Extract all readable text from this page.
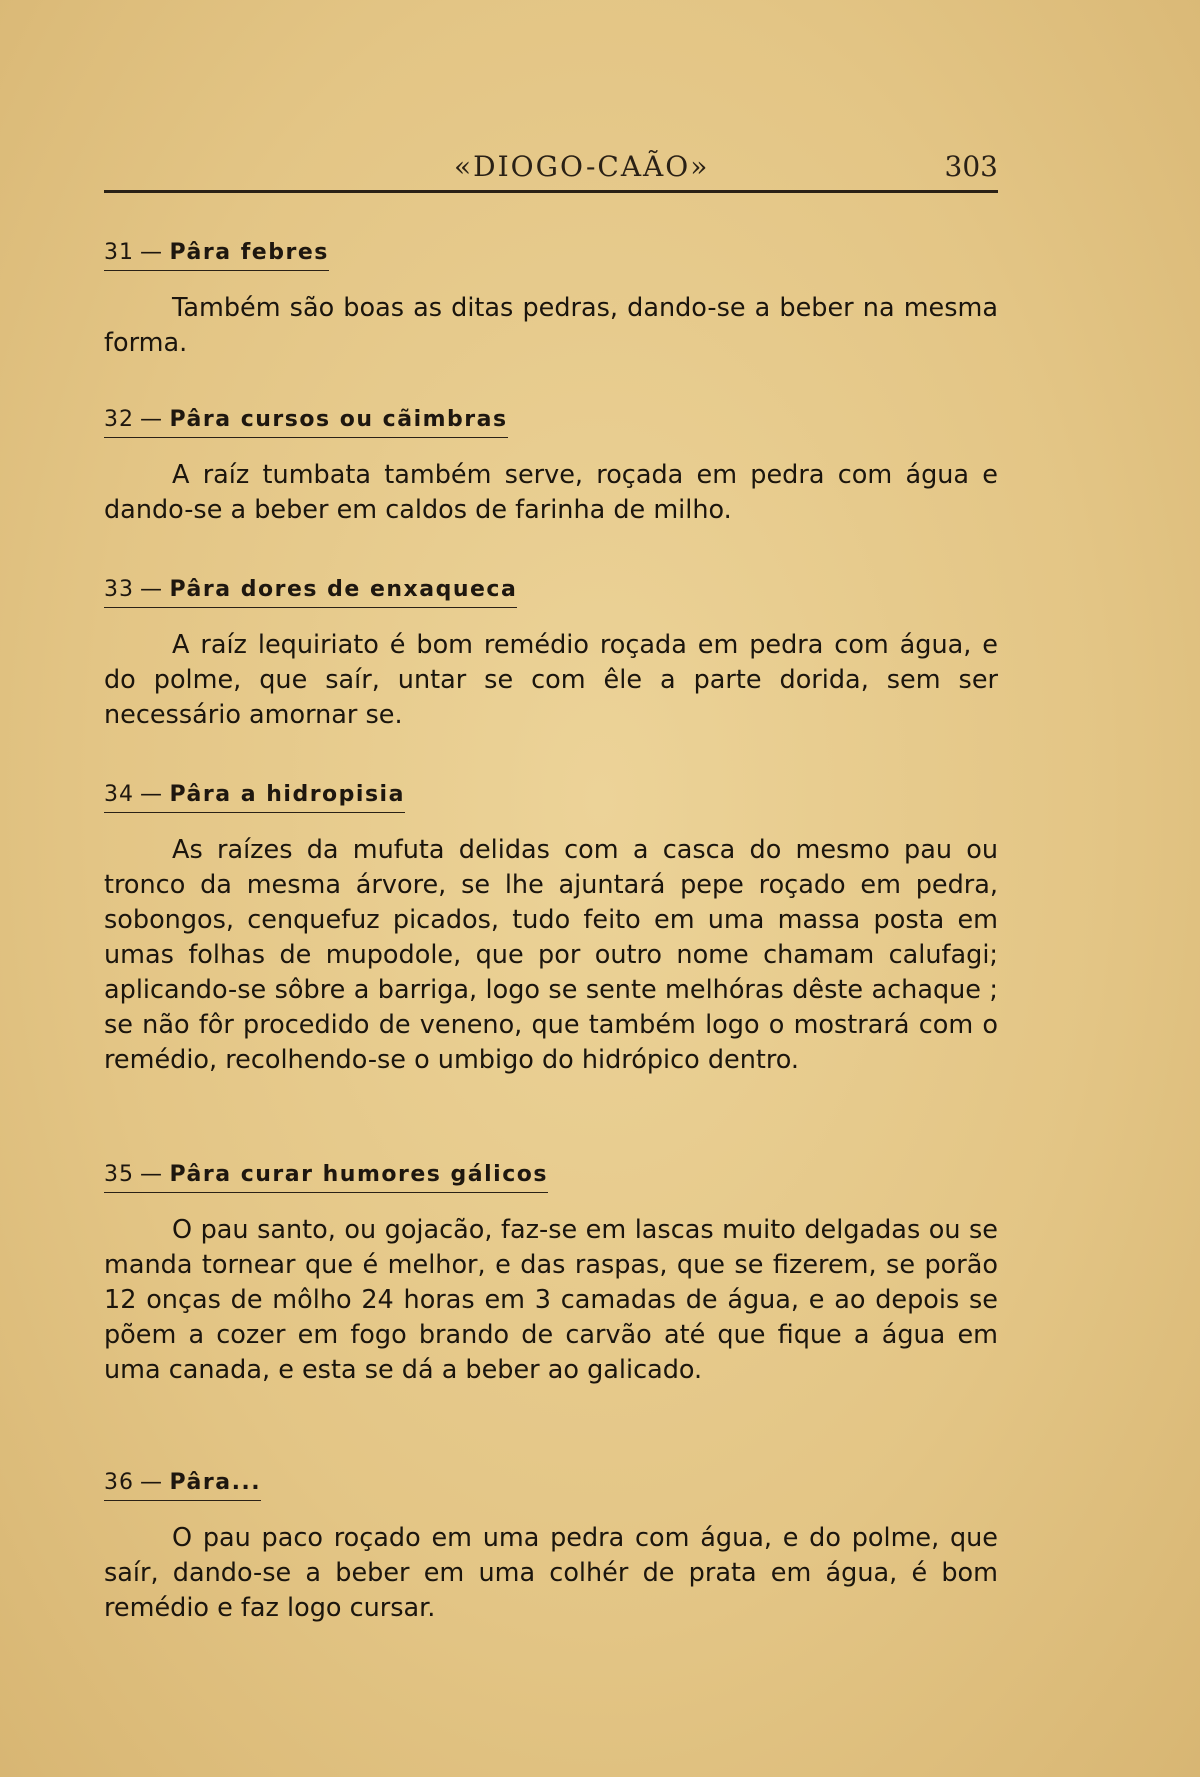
«DIOGO-CAÃO»	303
31 — Pâra febres
Também são boas as ditas pedras, dando-se a beber na mesma forma.
32 — Pâra cursos ou cãimbras
A raíz tumbata também serve, roçada em pedra com água e dando-se a beber em caldos de farinha de milho.
33 — Pâra dores de enxaqueca
A raíz lequiriato é bom remédio roçada em pedra com água, e do polme, que saír, untar se com êle a parte dorida, sem ser necessário amornar se.
34 — Pâra a hidropisia
As raízes da mufuta delidas com a casca do mesmo pau ou tronco da mesma árvore, se lhe ajuntará pepe roçado em pedra, sobongos, cenquefuz picados, tudo feito em uma massa posta em umas folhas de mupodole, que por outro nome chamam calufagi; aplicando-se sôbre a barriga, logo se sente melhóras dêste achaque ; se não fôr procedido de veneno, que também logo o mostrará com o remédio, recolhendo-se o umbigo do hidrópico dentro.
35 — Pâra curar humores gálicos
O pau santo, ou gojacão, faz-se em lascas muito delgadas ou se manda tornear que é melhor, e das raspas, que se fizerem, se porão 12 onças de môlho 24 horas em 3 camadas de água, e ao depois se põem a cozer em fogo brando de carvão até que fique a água em uma canada, e esta se dá a beber ao galicado.
36 — Pâra...
O pau paco roçado em uma pedra com água, e do polme, que saír, dando-se a beber em uma colhér de prata em água, é bom remédio e faz logo cursar.
